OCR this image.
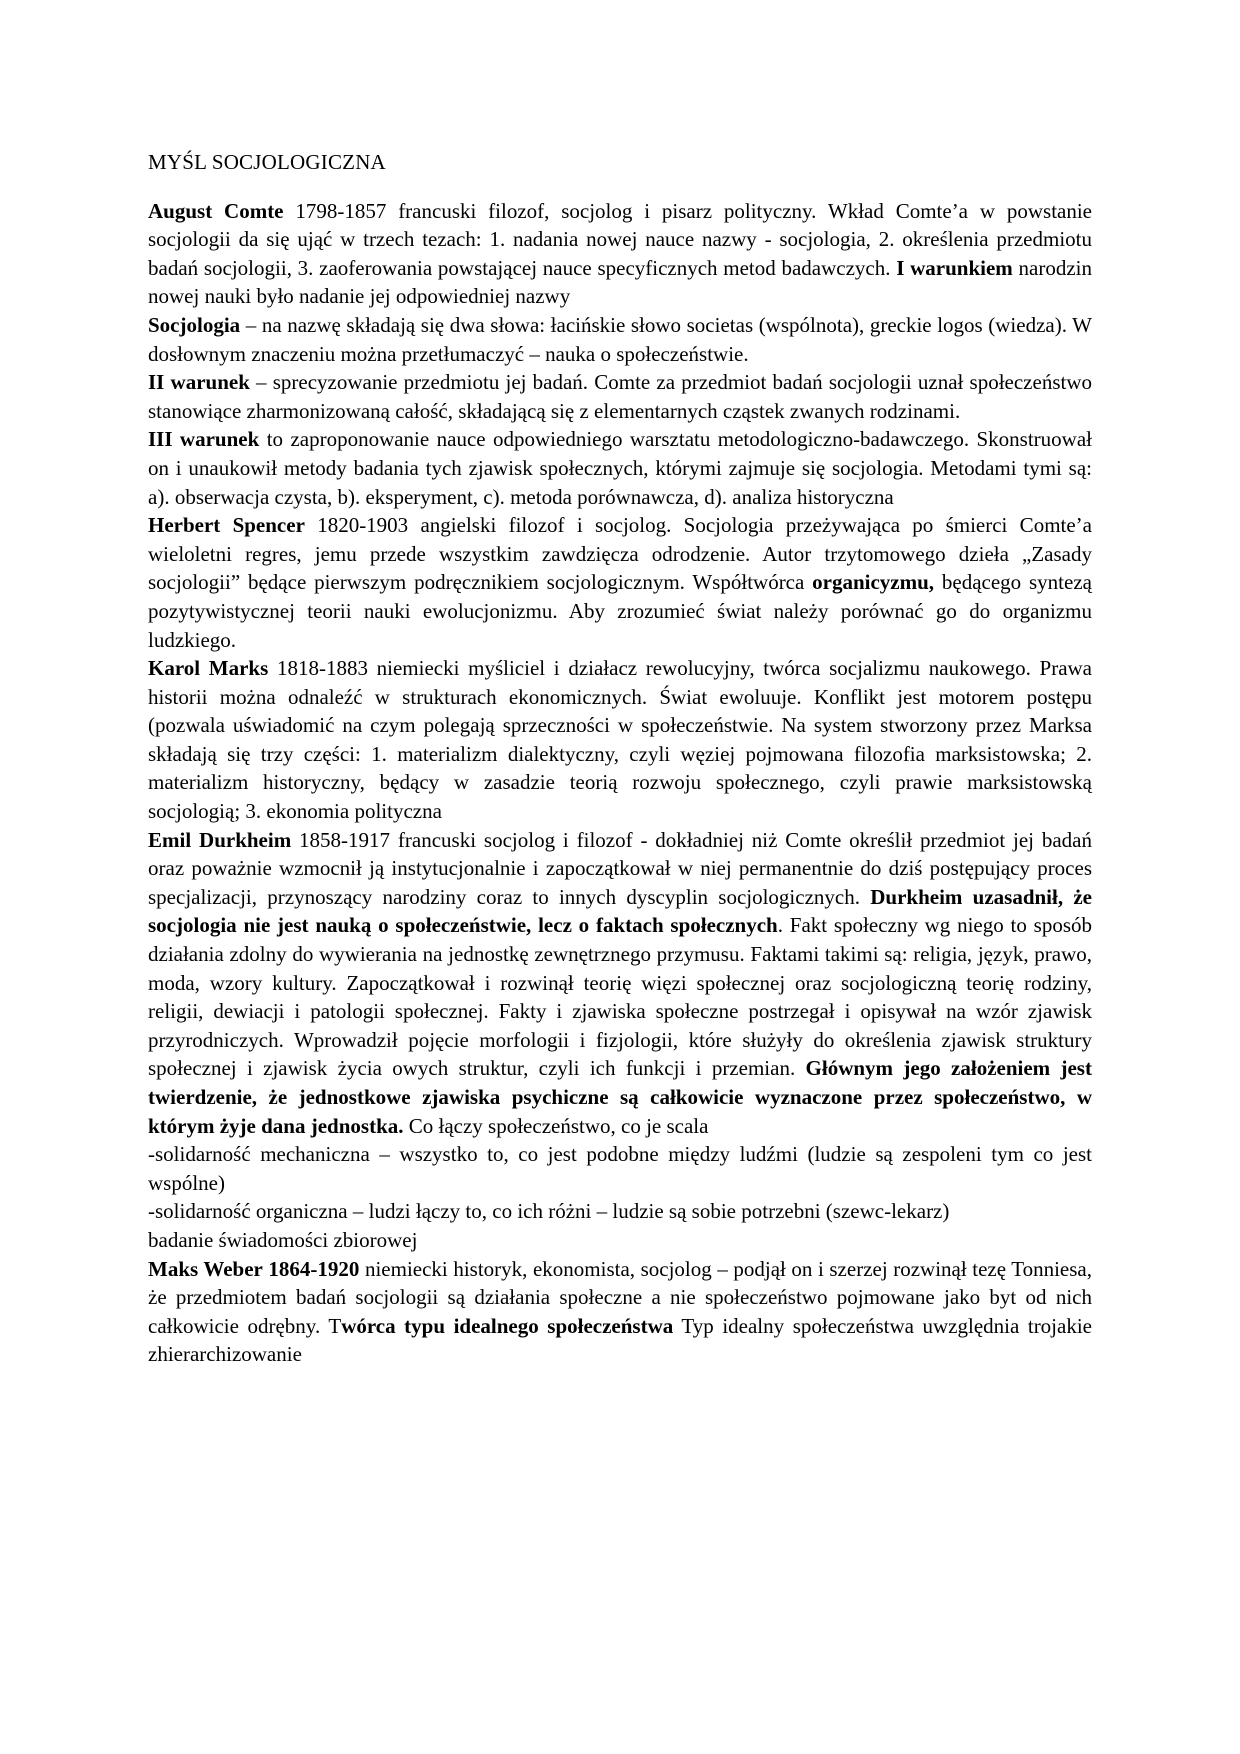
MYŚL SOCJOLOGICZNA

August Comte 1798-1857 francuski filozof, socjolog i pisarz polityczny. Wkład Comte’a w powstanie socjologii da się ująć w trzech tezach: 1. nadania nowej nauce nazwy - socjologia, 2. określenia przedmiotu badań socjologii, 3. zaoferowania powstającej nauce specyficznych metod badawczych. I warunkiem narodzin nowej nauki było nadanie jej odpowiedniej nazwy

Socjologia – na nazwę składają się dwa słowa: łacińskie słowo societas (wspólnota), greckie logos (wiedza). W dosłownym znaczeniu można przetłumaczyć – nauka o społeczeństwie.

II warunek – sprecyzowanie przedmiotu jej badań. Comte za przedmiot badań socjologii uznał społeczeństwo stanowiące zharmonizowaną całość, składającą się z elementarnych cząstek zwanych rodzinami.

III warunek to zaproponowanie nauce odpowiedniego warsztatu metodologiczno-badawczego. Skonstruował on i unaukowił metody badania tych zjawisk społecznych, którymi zajmuje się socjologia. Metodami tymi są: a). obserwacja czysta, b). eksperyment, c). metoda porównawcza, d). analiza historyczna

Herbert Spencer 1820-1903 angielski filozof i socjolog. Socjologia przeżywająca po śmierci Comte’a wieloletni regres, jemu przede wszystkim zawdzięcza odrodzenie. Autor trzytomowego dzieła „Zasady socjologii” będące pierwszym podręcznikiem socjologicznym. Współtwórca organicyzmu, będącego syntezą pozytywistycznej teorii nauki ewolucjonizmu. Aby zrozumieć świat należy porównać go do organizmu ludzkiego.

Karol Marks 1818-1883 niemiecki myśliciel i działacz rewolucyjny, twórca socjalizmu naukowego. Prawa historii można odnaleźć w strukturach ekonomicznych. Świat ewoluuje. Konflikt jest motorem postępu (pozwala uświadomić na czym polegają sprzeczności w społeczeństwie. Na system stworzony przez Marksa składają się trzy części: 1. materializm dialektyczny, czyli węziej pojmowana filozofia marksistowska; 2. materializm historyczny, będący w zasadzie teorią rozwoju społecznego, czyli prawie marksistowską socjologią; 3. ekonomia polityczna

Emil Durkheim 1858-1917 francuski socjolog i filozof - dokładniej niż Comte określił przedmiot jej badań oraz poważnie wzmocnił ją instytucjonalnie i zapoczątkował w niej permanentnie do dziś postępujący proces specjalizacji, przynoszący narodziny coraz to innych dyscyplin socjologicznych. Durkheim uzasadnił, że socjologia nie jest nauką o społeczeństwie, lecz o faktach społecznych. Fakt społeczny wg niego to sposób działania zdolny do wywierania na jednostkę zewnętrznego przymusu. Faktami takimi są: religia, język, prawo, moda, wzory kultury. Zapoczątkował i rozwinął teorię więzi społecznej oraz socjologiczną teorię rodziny, religii, dewiacji i patologii społecznej. Fakty i zjawiska społeczne postrzegał i opisywał na wzór zjawisk przyrodniczych. Wprowadził pojęcie morfologii i fizjologii, które służyły do określenia zjawisk struktury społecznej i zjawisk życia owych struktur, czyli ich funkcji i przemian. Głównym jego założeniem jest twierdzenie, że jednostkowe zjawiska psychiczne są całkowicie wyznaczone przez społeczeństwo, w którym żyje dana jednostka. Co łączy społeczeństwo, co je scala

-solidarność mechaniczna – wszystko to, co jest podobne między ludźmi (ludzie są zespoleni tym co jest wspólne)

-solidarność organiczna – ludzi łączy to, co ich różni – ludzie są sobie potrzebni (szewc-lekarz)

badanie świadomości zbiorowej

Maks Weber 1864-1920 niemiecki historyk, ekonomista, socjolog – podjął on i szerzej rozwinął tezę Tonniesa, że przedmiotem badań socjologii są działania społeczne a nie społeczeństwo pojmowane jako byt od nich całkowicie odrębny. Twórca typu idealnego społeczeństwa Typ idealny społeczeństwa uwzględnia trojakie zhierarchizowanie
